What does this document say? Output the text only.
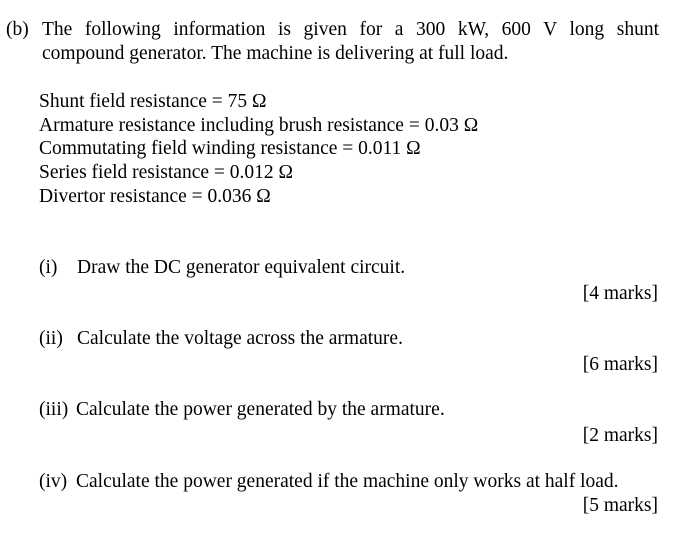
(b) The following information is given for a 300 kW, 600 V long shunt
compound generator. The machine is delivering at full load.
Shunt field resistance = 75 Ω
Armature resistance including brush resistance = 0.03 Ω
Commutating field winding resistance = 0.011 Ω
Series field resistance = 0.012 Ω
Divertor resistance = 0.036 Ω
(i) Draw the DC generator equivalent circuit.
[4 marks]
(ii) Calculate the voltage across the armature.
[6 marks]
(iii) Calculate the power generated by the armature.
[2 marks]
(iv) Calculate the power generated if the machine only works at half load.
[5 marks]
